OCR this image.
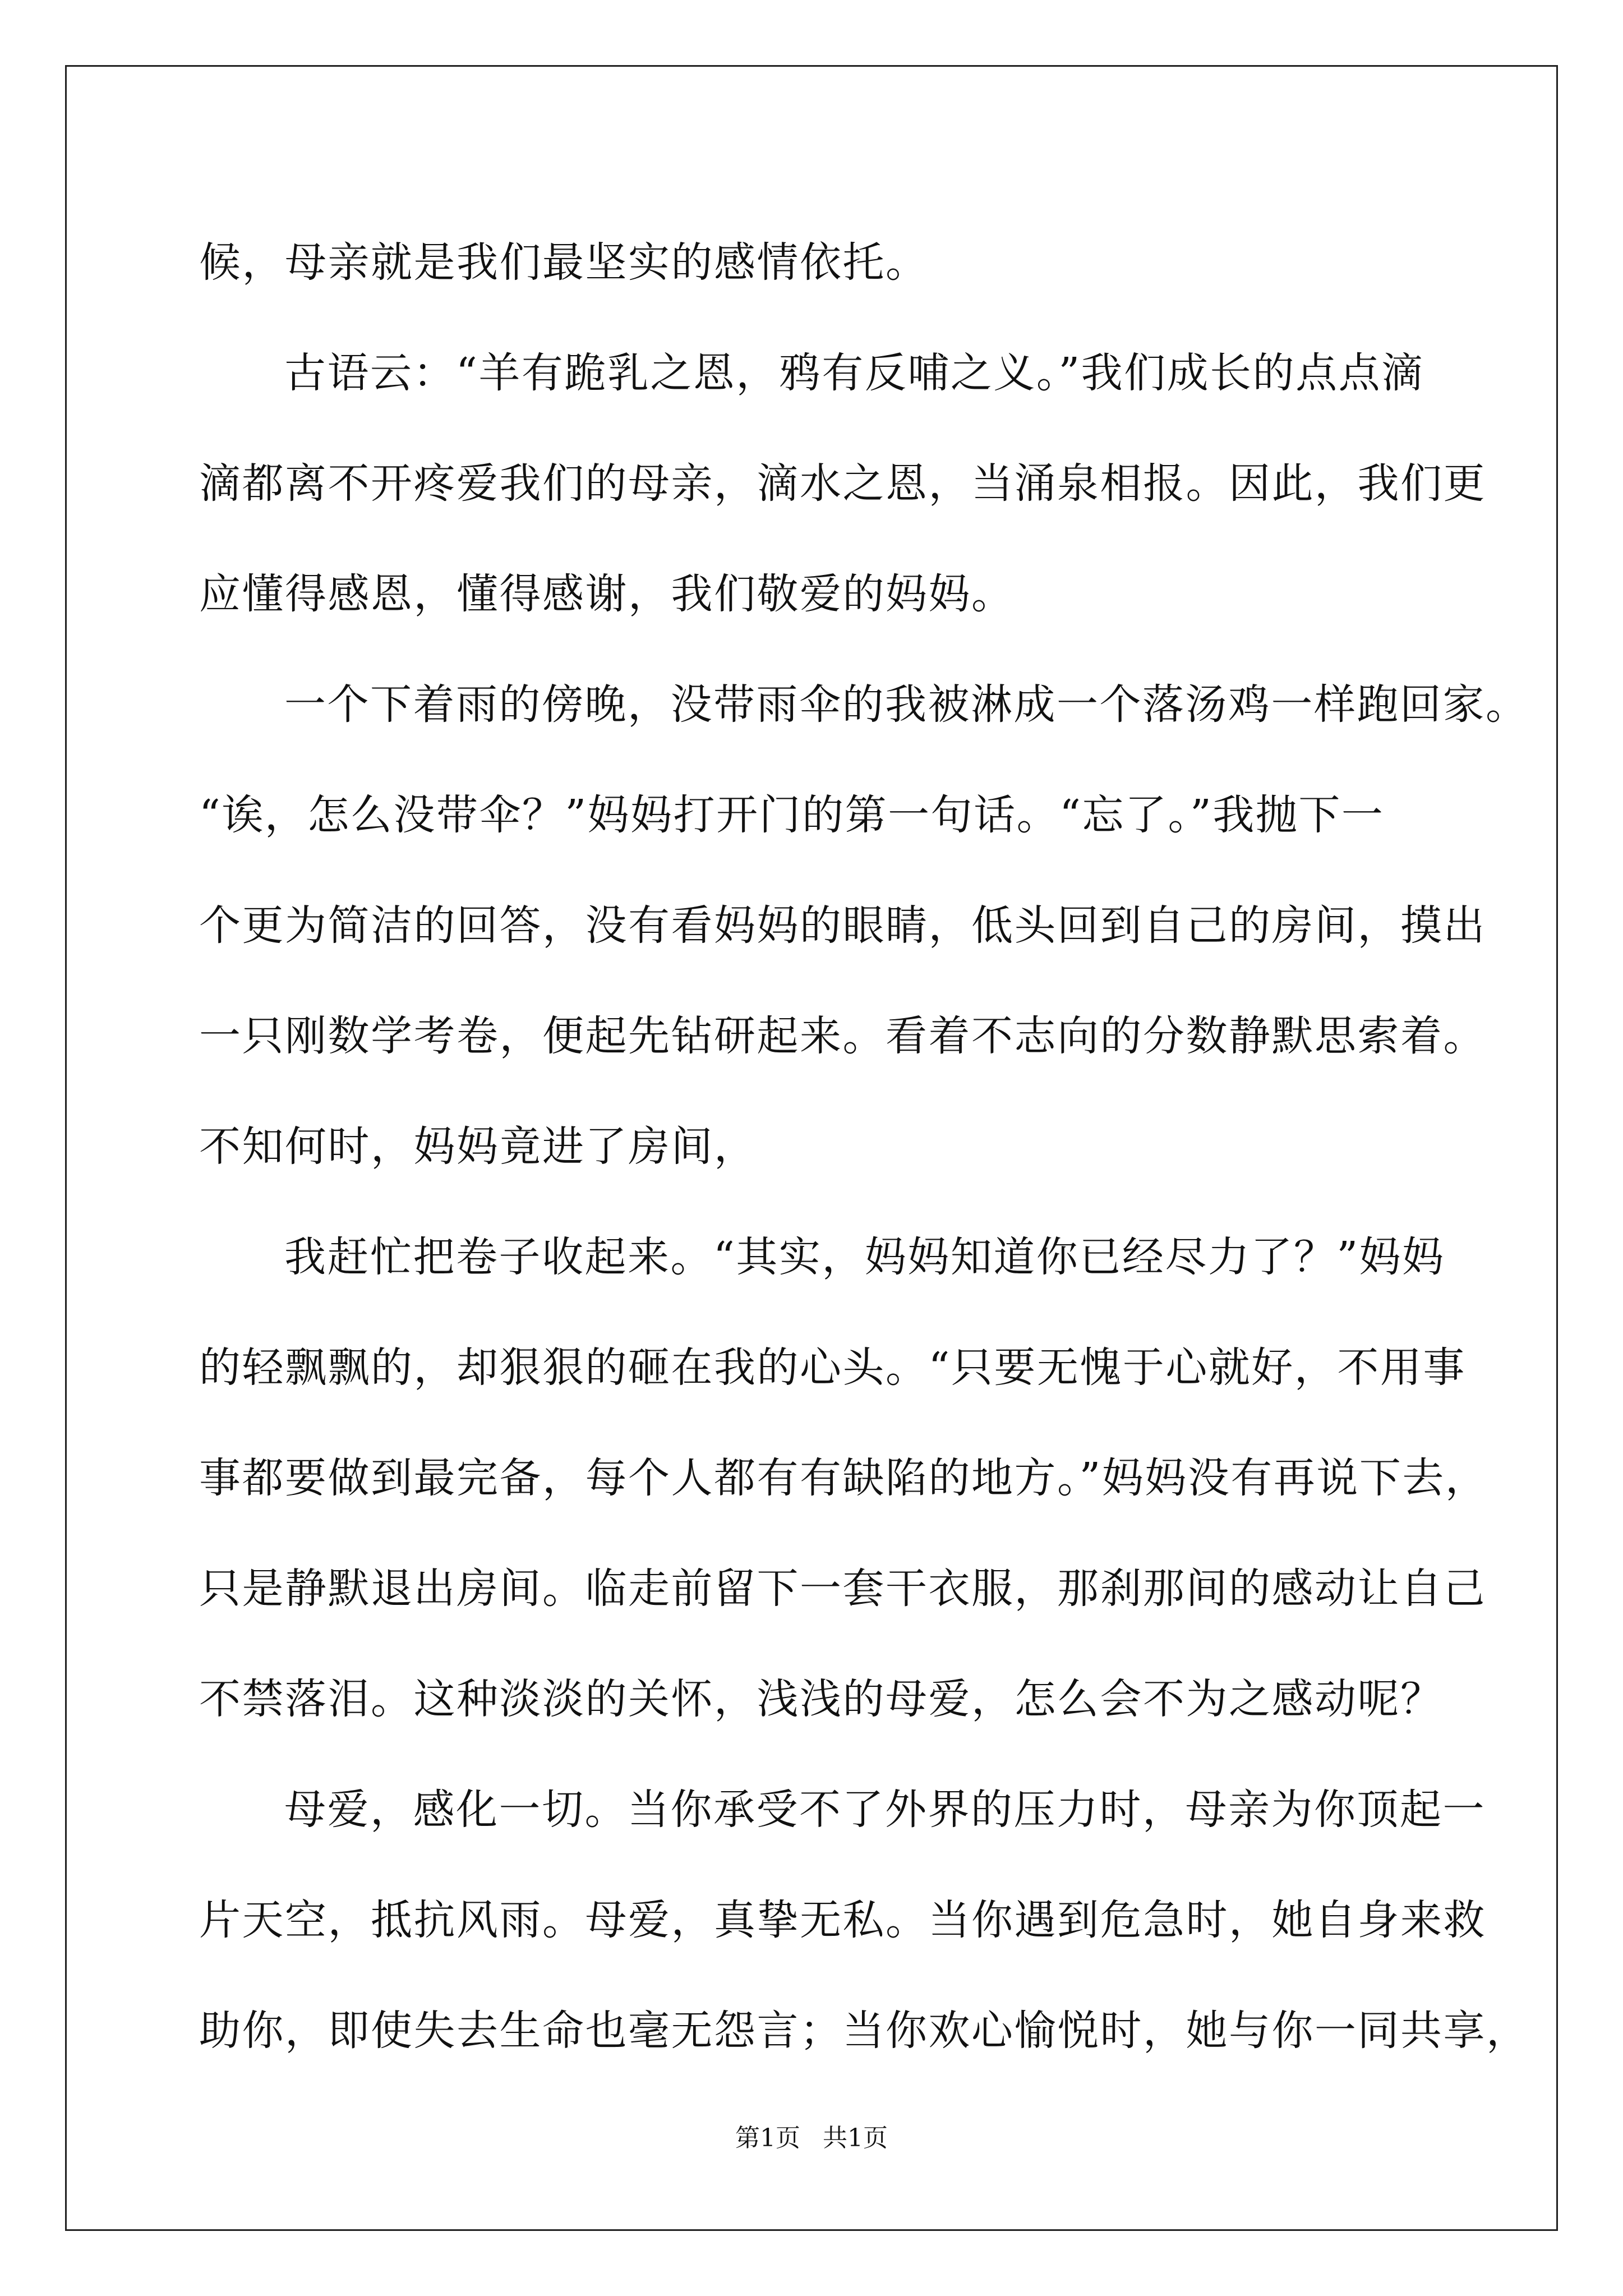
候，母亲就是我们最坚实的感情依托。
古语云：“羊有跪乳之恩，鸦有反哺之义。”我们成长的点点滴
滴都离不开疼爱我们的母亲，滴水之恩，当涌泉相报。因此，我们更
应懂得感恩，懂得感谢，我们敬爱的妈妈。
一个下着雨的傍晚，没带雨伞的我被淋成一个落汤鸡一样跑回家。
“诶，怎么没带伞？”妈妈打开门的第一句话。“忘了。”我抛下一
个更为简洁的回答，没有看妈妈的眼睛，低头回到自己的房间，摸出
一只刚数学考卷，便起先钻研起来。看着不志向的分数静默思索着。
不知何时，妈妈竟进了房间，
我赶忙把卷子收起来。“其实，妈妈知道你已经尽力了？”妈妈
的轻飘飘的，却狠狠的砸在我的心头。“只要无愧于心就好，不用事
事都要做到最完备，每个人都有有缺陷的地方。”妈妈没有再说下去，
只是静默退出房间。临走前留下一套干衣服，那刹那间的感动让自己
不禁落泪。这种淡淡的关怀，浅浅的母爱，怎么会不为之感动呢？
母爱，感化一切。当你承受不了外界的压力时，母亲为你顶起一
片天空，抵抗风雨。母爱，真挚无私。当你遇到危急时，她自身来救
助你，即使失去生命也毫无怨言；当你欢心愉悦时，她与你一同共享，
第1页 共1页
